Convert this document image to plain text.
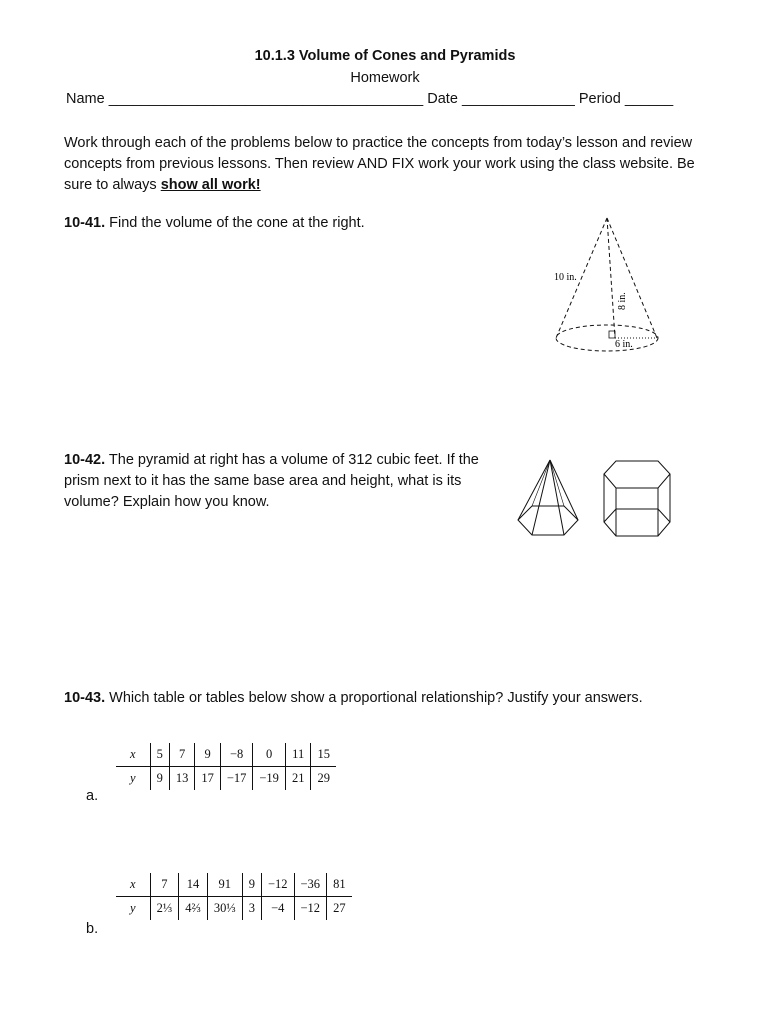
10.1.3 Volume of Cones and Pyramids
Homework
Name _______________________________________ Date ______________ Period ______
Work through each of the problems below to practice the concepts from today’s lesson and review concepts from previous lessons. Then review AND FIX work your work using the class website. Be sure to always show all work!
10-41. Find the volume of the cone at the right.
10 in.
8 in.
6 in.
10-42. The pyramid at right has a volume of 312 cubic feet. If the prism next to it has the same base area and height, what is its volume? Explain how you know.
10-43. Which table or tables below show a proportional relationship? Justify your answers.
x	5	7	9	−8	0	11	15
y	9	13	17	−17	−19	21	29
a.
x	7	14	91	9	−12	−36	81
y	2⅓	4⅔	30⅓	3	−4	−12	27
b.
